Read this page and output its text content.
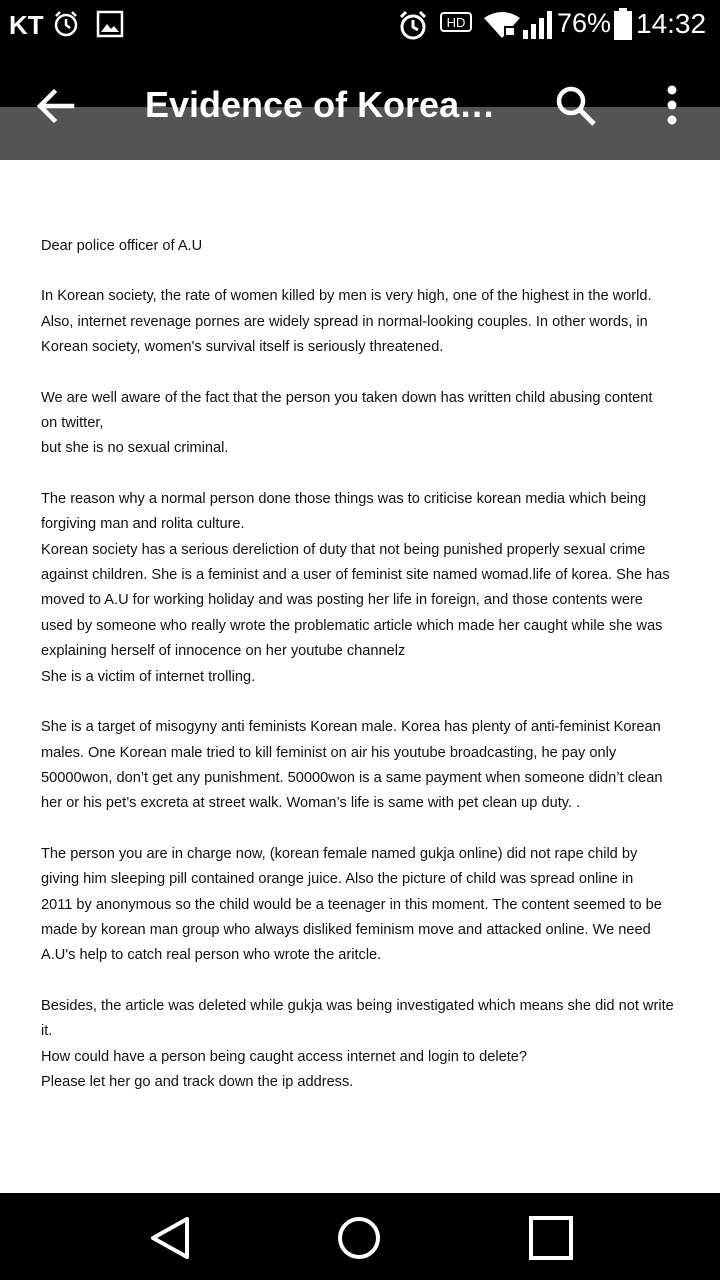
KT	HD	76% 14:32
Evidence of Korea…

Dear police officer of A.U

In Korean society, the rate of women killed by men is very high, one of the highest in the world.
Also, internet revenage pornes are widely spread in normal-looking couples. In other words, in
Korean society, women's survival itself is seriously threatened.

We are well aware of the fact that the person you taken down has written child abusing content
on twitter,
but she is no sexual criminal.

The reason why a normal person done those things was to criticise korean media which being
forgiving man and rolita culture.
Korean society has a serious dereliction of duty that not being punished properly sexual crime
against children. She is a feminist and a user of feminist site named womad.life of korea. She has
moved to A.U for working holiday and was posting her life in foreign, and those contents were
used by someone who really wrote the problematic article which made her caught while she was
explaining herself of innocence on her youtube channelz
She is a victim of internet trolling.

She is a target of misogyny anti feminists Korean male. Korea has plenty of anti-feminist Korean
males. One Korean male tried to kill feminist on air his youtube broadcasting, he pay only
50000won, don’t get any punishment. 50000won is a same payment when someone didn’t clean
her or his pet’s excreta at street walk. Woman’s life is same with pet clean up duty. .

The person you are in charge now, (korean female named gukja online) did not rape child by
giving him sleeping pill contained orange juice. Also the picture of child was spread online in
2011 by anonymous so the child would be a teenager in this moment. The content seemed to be
made by korean man group who always disliked feminism move and attacked online. We need
A.U's help to catch real person who wrote the aritcle.

Besides, the article was deleted while gukja was being investigated which means she did not write
it.
How could have a person being caught access internet and login to delete?
Please let her go and track down the ip address.
